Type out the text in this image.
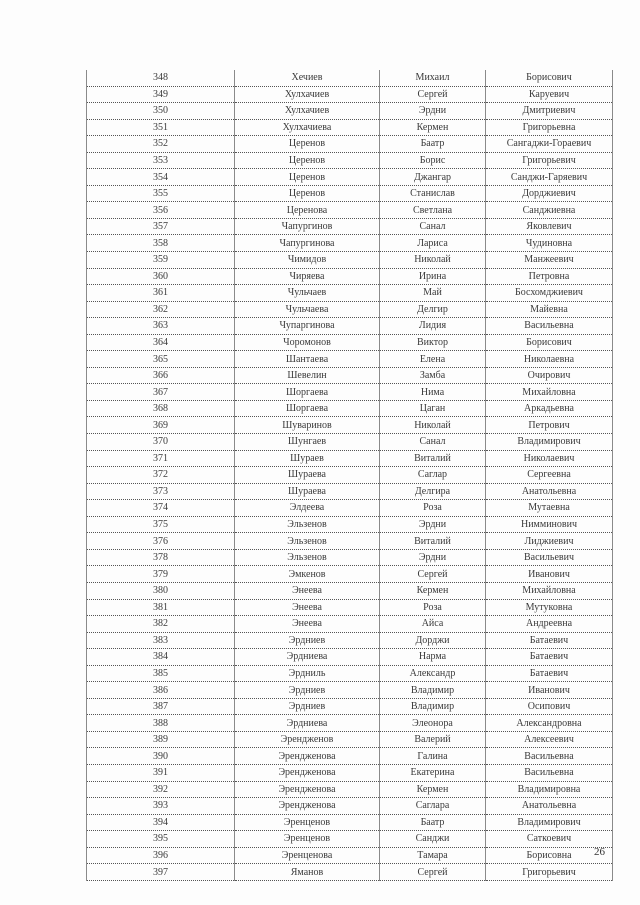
348	Хечиев	Михаил	Борисович
349	Хулхачиев	Сергей	Каруевич
350	Хулхачиев	Эрдни	Дмитриевич
351	Хулхачиева	Кермен	Григорьевна
352	Церенов	Баатр	Сангаджи-Гораевич
353	Церенов	Борис	Григорьевич
354	Церенов	Джангар	Санджи-Гаряевич
355	Церенов	Станислав	Дорджиевич
356	Церенова	Светлана	Санджиевна
357	Чапургинов	Санал	Яковлевич
358	Чапургинова	Лариса	Чудиновна
359	Чимидов	Николай	Манжеевич
360	Чиряева	Ирина	Петровна
361	Чульчаев	Май	Босхомджиевич
362	Чульчаева	Делгир	Майевна
363	Чупаргинова	Лидия	Васильевна
364	Чоромонов	Виктор	Борисович
365	Шантаева	Елена	Николаевна
366	Шевелин	Замба	Очирович
367	Шоргаева	Нима	Михайловна
368	Шоргаева	Цаган	Аркадьевна
369	Шуваринов	Николай	Петрович
370	Шунгаев	Санал	Владимирович
371	Шураев	Виталий	Николаевич
372	Шураева	Саглар	Сергеевна
373	Шураева	Делгира	Анатольевна
374	Элдеева	Роза	Мутаевна
375	Эльзенов	Эрдни	Нимминович
376	Эльзенов	Виталий	Лиджиевич
378	Эльзенов	Эрдни	Васильевич
379	Эмкенов	Сергей	Иванович
380	Энеева	Кермен	Михайловна
381	Энеева	Роза	Мутуковна
382	Энеева	Айса	Андреевна
383	Эрдниев	Дорджи	Батаевич
384	Эрдниева	Нарма	Батаевич
385	Эрдниль	Александр	Батаевич
386	Эрдниев	Владимир	Иванович
387	Эрдниев	Владимир	Осипович
388	Эрдниева	Элеонора	Александровна
389	Эрендженов	Валерий	Алексеевич
390	Эрендженова	Галина	Васильевна
391	Эрендженова	Екатерина	Васильевна
392	Эрендженова	Кермен	Владимировна
393	Эрендженова	Саглара	Анатольевна
394	Эренценов	Баатр	Владимирович
395	Эренценов	Санджи	Саткоевич
396	Эренценова	Тамара	Борисовна
397	Яманов	Сергей	Григорьевич
26
